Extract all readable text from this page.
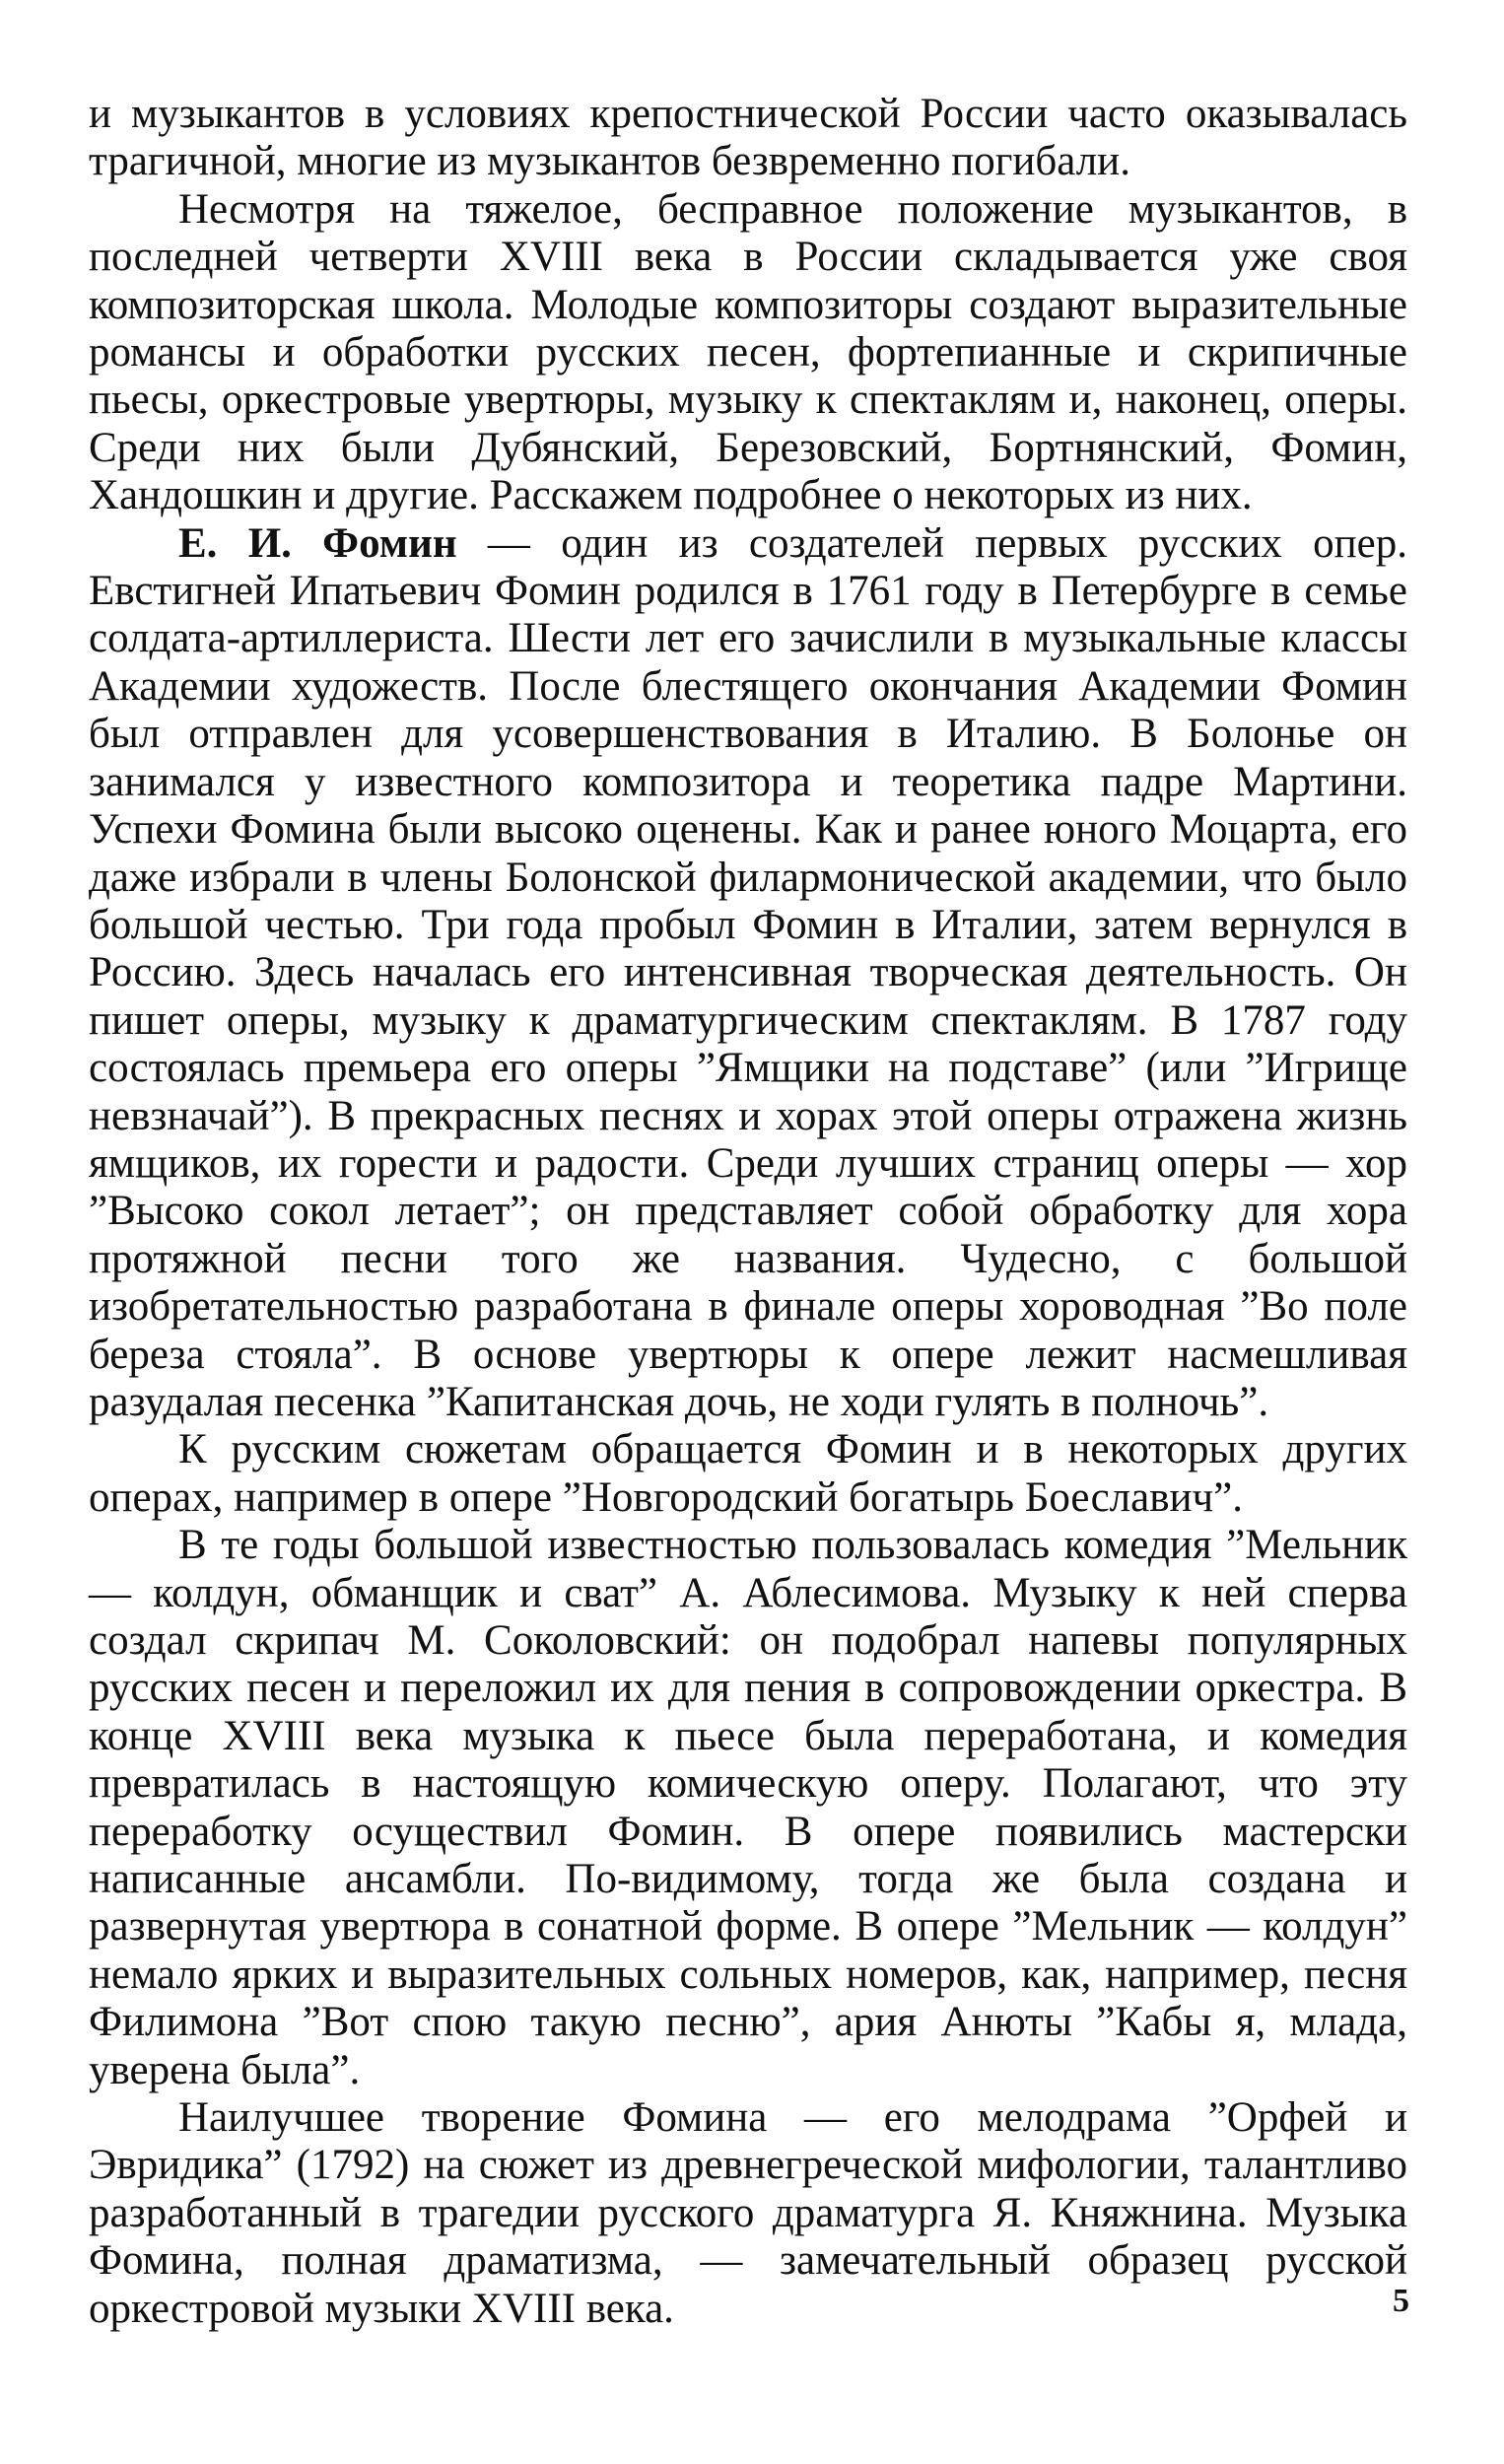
и музыкантов в условиях крепостнической России часто оказывалась трагичной, многие из музыкантов безвременно погибали.

Несмотря на тяжелое, бесправное положение музыкантов, в последней четверти XVIII века в России складывается уже своя композиторская школа. Молодые композиторы создают выразительные романсы и обработки русских песен, фортепианные и скрипичные пьесы, оркестровые увертюры, музыку к спектаклям и, наконец, оперы. Среди них были Дубянский, Березовский, Бортнянский, Фомин, Хандошкин и другие. Расскажем подробнее о некоторых из них.

Е. И. Фомин — один из создателей первых русских опер. Евстигней Ипатьевич Фомин родился в 1761 году в Петербурге в семье солдата-артиллериста. Шести лет его зачислили в музыкальные классы Академии художеств. После блестящего окончания Академии Фомин был отправлен для усовершенствования в Италию. В Болонье он занимался у известного композитора и теоретика падре Мартини. Успехи Фомина были высоко оценены. Как и ранее юного Моцарта, его даже избрали в члены Болонской филармонической академии, что было большой честью. Три года пробыл Фомин в Италии, затем вернулся в Россию. Здесь началась его интенсивная творческая деятельность. Он пишет оперы, музыку к драматургическим спектаклям. В 1787 году состоялась премьера его оперы ”Ямщики на подставе” (или ”Игрище невзначай”). В прекрасных песнях и хорах этой оперы отражена жизнь ямщиков, их горести и радости. Среди лучших страниц оперы — хор ”Высоко сокол летает”; он представляет собой обработку для хора протяжной песни того же названия. Чудесно, с большой изобретательностью разработана в финале оперы хороводная ”Во поле береза стояла”. В основе увертюры к опере лежит насмешливая разудалая песенка ”Капитанская дочь, не ходи гулять в полночь”.

К русским сюжетам обращается Фомин и в некоторых других операх, например в опере ”Новгородский богатырь Боеславич”.

В те годы большой известностью пользовалась комедия ”Мельник — колдун, обманщик и сват” А. Аблесимова. Музыку к ней сперва создал скрипач М. Соколовский: он подобрал напевы популярных русских песен и переложил их для пения в сопровождении оркестра. В конце XVIII века музыка к пьесе была переработана, и комедия превратилась в настоящую комическую оперу. Полагают, что эту переработку осуществил Фомин. В опере появились мастерски написанные ансамбли. По-видимому, тогда же была создана и развернутая увертюра в сонатной форме. В опере ”Мельник — колдун” немало ярких и выразительных сольных номеров, как, например, песня Филимона ”Вот спою такую песню”, ария Анюты ”Кабы я, млада, уверена была”.

Наилучшее творение Фомина — его мелодрама ”Орфей и Эвридика” (1792) на сюжет из древнегреческой мифологии, талантливо разработанный в трагедии русского драматурга Я. Княжнина. Музыка Фомина, полная драматизма, — замечательный образец русской оркестровой музыки XVIII века.	5
